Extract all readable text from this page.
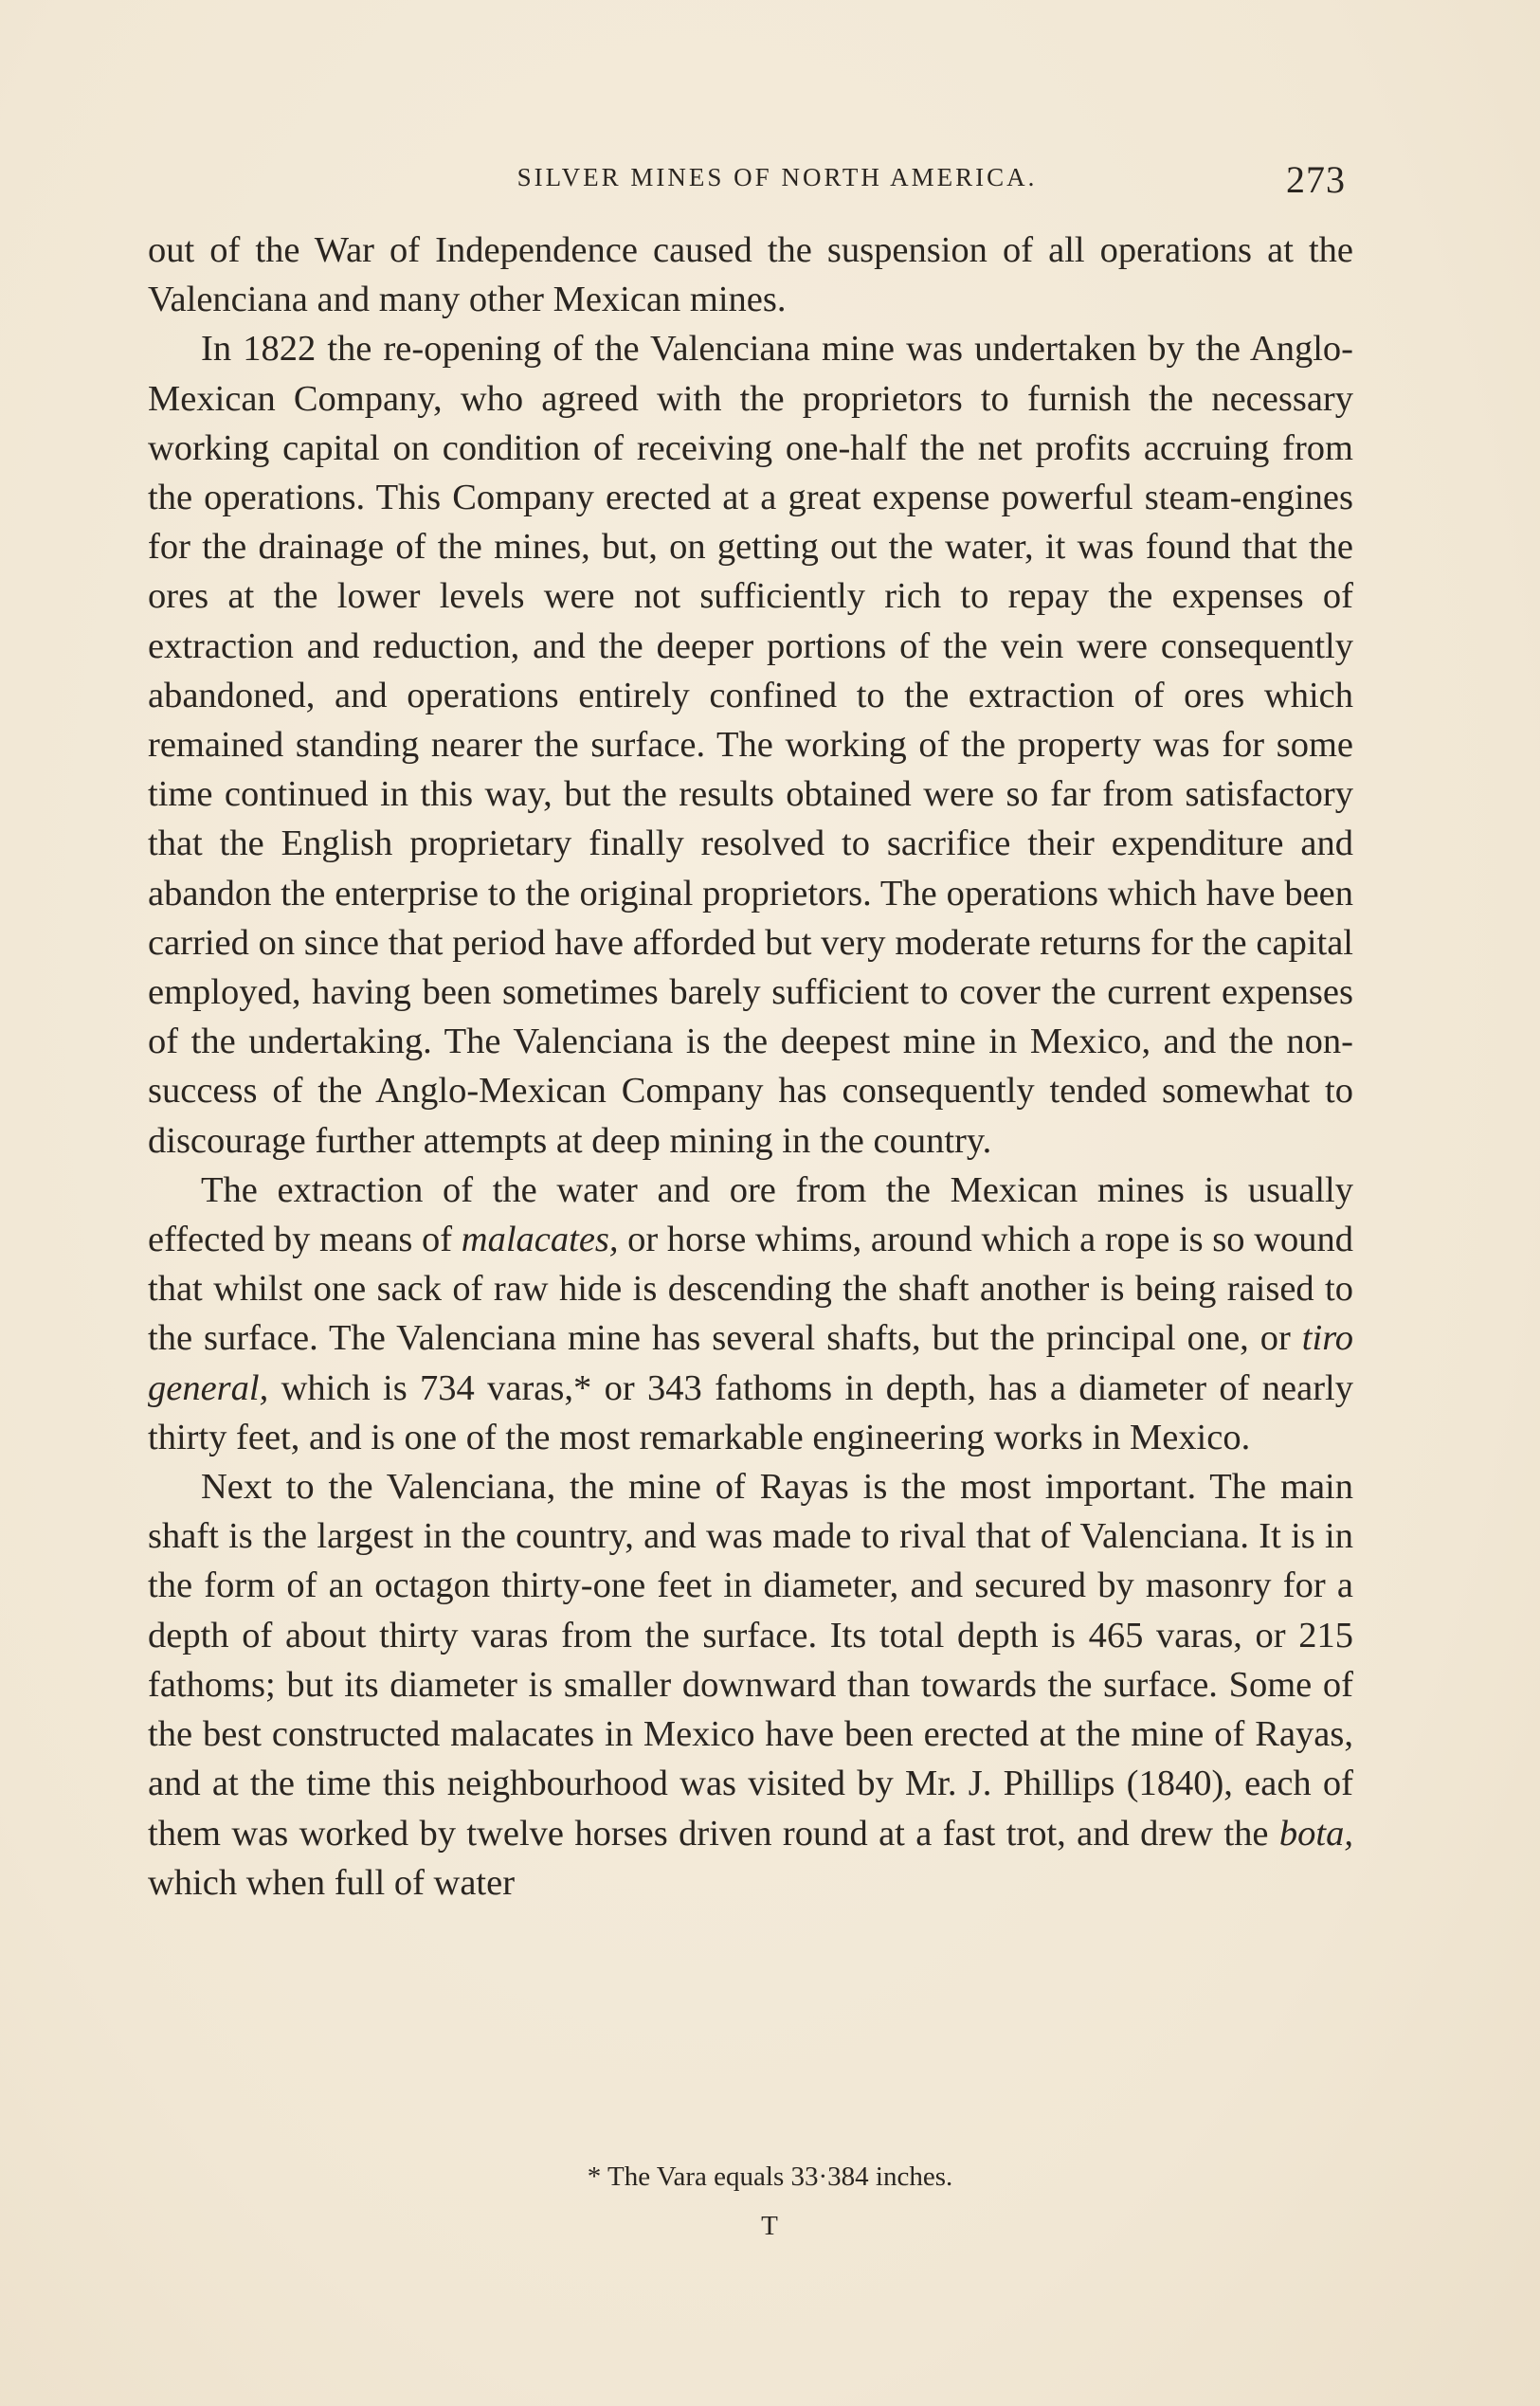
SILVER MINES OF NORTH AMERICA.	273

out of the War of Independence caused the suspension of all operations at the Valenciana and many other Mexican mines.

In 1822 the re-opening of the Valenciana mine was undertaken by the Anglo-Mexican Company, who agreed with the proprietors to furnish the necessary working capital on condition of receiving one-half the net profits accruing from the operations. This Company erected at a great expense powerful steam-engines for the drainage of the mines, but, on getting out the water, it was found that the ores at the lower levels were not sufficiently rich to repay the expenses of extraction and reduction, and the deeper portions of the vein were consequently abandoned, and operations entirely confined to the extraction of ores which remained standing nearer the surface. The working of the property was for some time continued in this way, but the results obtained were so far from satisfactory that the English proprietary finally resolved to sacrifice their expenditure and abandon the enterprise to the original proprietors. The operations which have been carried on since that period have afforded but very moderate returns for the capital employed, having been sometimes barely sufficient to cover the current expenses of the undertaking. The Valenciana is the deepest mine in Mexico, and the non-success of the Anglo-Mexican Company has consequently tended somewhat to discourage further attempts at deep mining in the country.

The extraction of the water and ore from the Mexican mines is usually effected by means of malacates, or horse whims, around which a rope is so wound that whilst one sack of raw hide is descending the shaft another is being raised to the surface. The Valenciana mine has several shafts, but the principal one, or tiro general, which is 734 varas,* or 343 fathoms in depth, has a diameter of nearly thirty feet, and is one of the most remarkable engineering works in Mexico.

Next to the Valenciana, the mine of Rayas is the most important. The main shaft is the largest in the country, and was made to rival that of Valenciana. It is in the form of an octagon thirty-one feet in diameter, and secured by masonry for a depth of about thirty varas from the surface. Its total depth is 465 varas, or 215 fathoms; but its diameter is smaller downward than towards the surface. Some of the best constructed malacates in Mexico have been erected at the mine of Rayas, and at the time this neighbourhood was visited by Mr. J. Phillips (1840), each of them was worked by twelve horses driven round at a fast trot, and drew the bota, which when full of water

* The Vara equals 33·384 inches.
T
